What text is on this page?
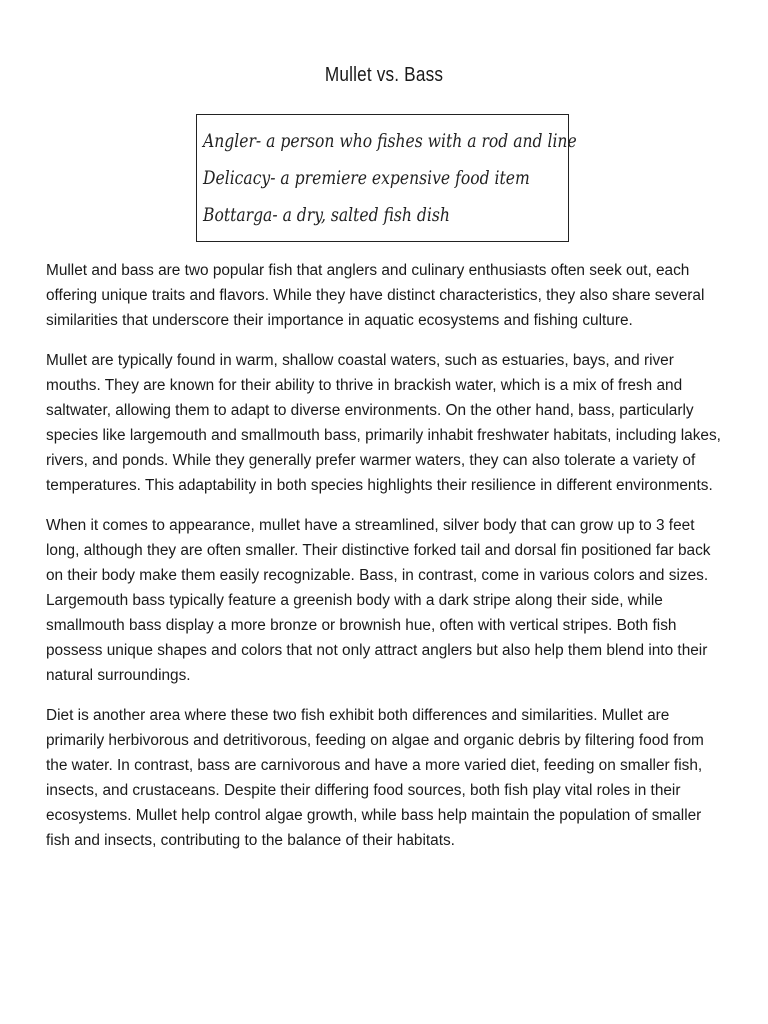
Mullet vs. Bass
Angler- a person who fishes with a rod and line
Delicacy- a premiere expensive food item
Bottarga- a dry, salted fish dish

Mullet and bass are two popular fish that anglers and culinary enthusiasts often seek out, each offering unique traits and flavors. While they have distinct characteristics, they also share several similarities that underscore their importance in aquatic ecosystems and fishing culture.

Mullet are typically found in warm, shallow coastal waters, such as estuaries, bays, and river mouths. They are known for their ability to thrive in brackish water, which is a mix of fresh and saltwater, allowing them to adapt to diverse environments. On the other hand, bass, particularly species like largemouth and smallmouth bass, primarily inhabit freshwater habitats, including lakes, rivers, and ponds. While they generally prefer warmer waters, they can also tolerate a variety of temperatures. This adaptability in both species highlights their resilience in different environments.

When it comes to appearance, mullet have a streamlined, silver body that can grow up to 3 feet long, although they are often smaller. Their distinctive forked tail and dorsal fin positioned far back on their body make them easily recognizable. Bass, in contrast, come in various colors and sizes. Largemouth bass typically feature a greenish body with a dark stripe along their side, while smallmouth bass display a more bronze or brownish hue, often with vertical stripes. Both fish possess unique shapes and colors that not only attract anglers but also help them blend into their natural surroundings.

Diet is another area where these two fish exhibit both differences and similarities. Mullet are primarily herbivorous and detritivorous, feeding on algae and organic debris by filtering food from the water. In contrast, bass are carnivorous and have a more varied diet, feeding on smaller fish, insects, and crustaceans. Despite their differing food sources, both fish play vital roles in their ecosystems. Mullet help control algae growth, while bass help maintain the population of smaller fish and insects, contributing to the balance of their habitats.
